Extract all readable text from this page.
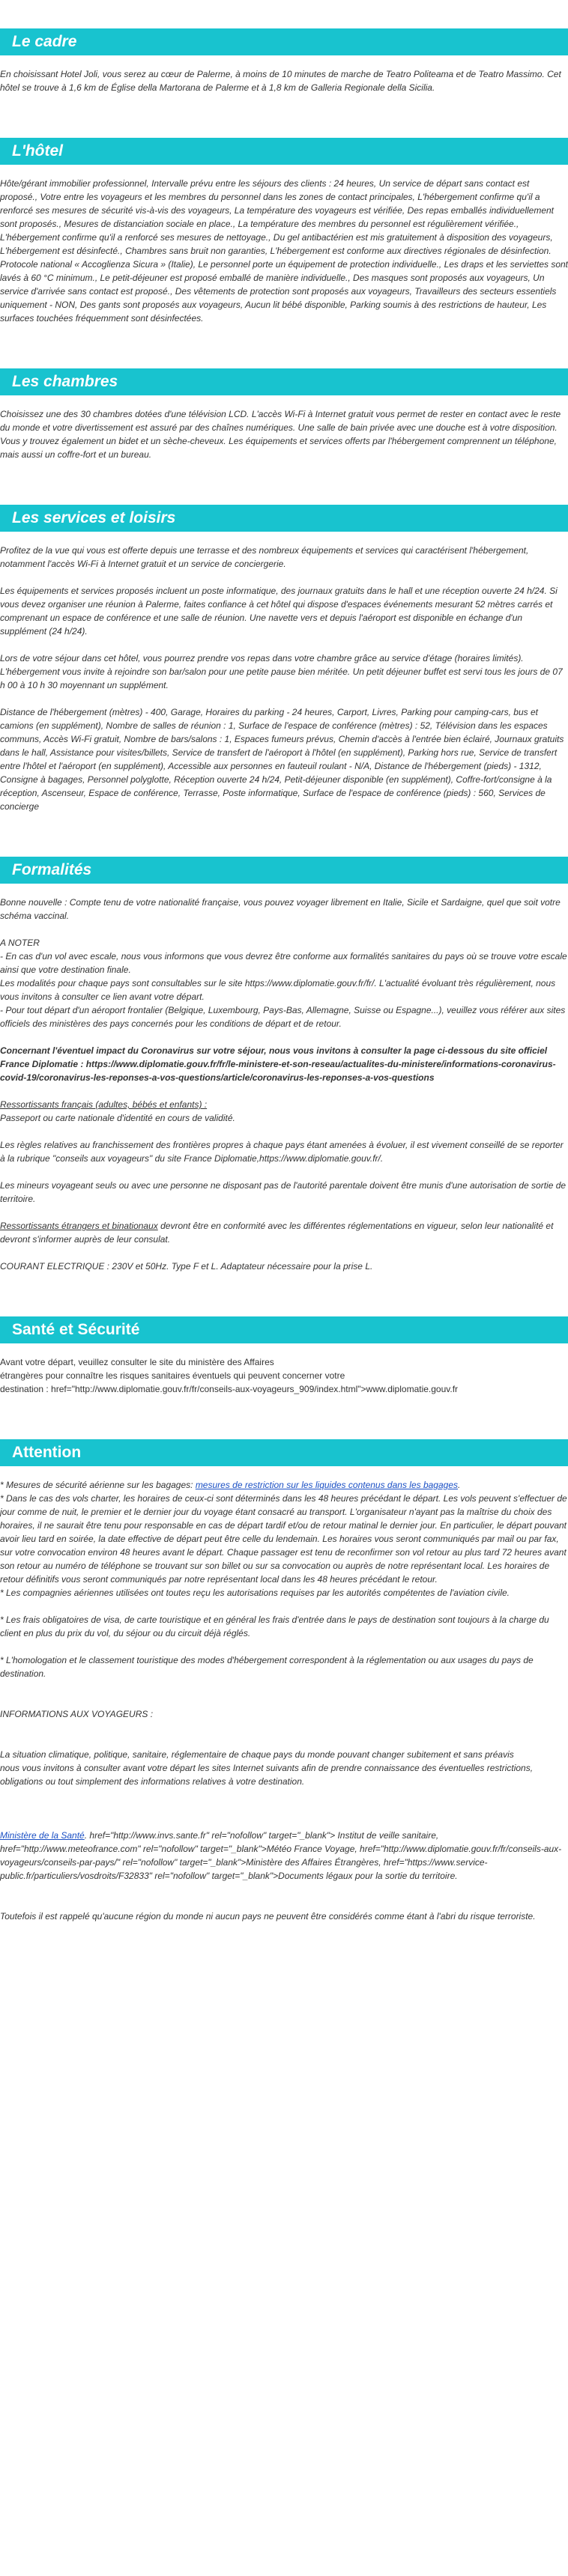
Le cadre

En choisissant Hotel Joli, vous serez au cœur de Palerme, à moins de 10 minutes de marche de Teatro Politeama et de Teatro Massimo. Cet hôtel se trouve à 1,6 km de Église della Martorana de Palerme et à 1,8 km de Galleria Regionale della Sicilia.

L'hôtel

Hôte/gérant immobilier professionnel, Intervalle prévu entre les séjours des clients : 24 heures, Un service de départ sans contact est proposé., Votre entre les voyageurs et les membres du personnel dans les zones de contact principales, L'hébergement confirme qu'il a renforcé ses mesures de sécurité vis-à-vis des voyageurs, La température des voyageurs est vérifiée, Des repas emballés individuellement sont proposés., Mesures de distanciation sociale en place., La température des membres du personnel est régulièrement vérifiée., L'hébergement confirme qu'il a renforcé ses mesures de nettoyage., Du gel antibactérien est mis gratuitement à disposition des voyageurs, L'hébergement est désinfecté., Chambres sans bruit non garanties, L'hébergement est conforme aux directives régionales de désinfection. Protocole national « Accoglienza Sicura » (Italie), Le personnel porte un équipement de protection individuelle., Les draps et les serviettes sont lavés à 60 °C minimum., Le petit-déjeuner est proposé emballé de manière individuelle., Des masques sont proposés aux voyageurs, Un service d'arrivée sans contact est proposé., Des vêtements de protection sont proposés aux voyageurs, Travailleurs des secteurs essentiels uniquement - NON, Des gants sont proposés aux voyageurs, Aucun lit bébé disponible, Parking soumis à des restrictions de hauteur, Les surfaces touchées fréquemment sont désinfectées.

Les chambres

Choisissez une des 30 chambres dotées d'une télévision LCD. L'accès Wi-Fi à Internet gratuit vous permet de rester en contact avec le reste du monde et votre divertissement est assuré par des chaînes numériques. Une salle de bain privée avec une douche est à votre disposition. Vous y trouvez également un bidet et un sèche-cheveux. Les équipements et services offerts par l'hébergement comprennent un téléphone, mais aussi un coffre-fort et un bureau.

Les services et loisirs

Profitez de la vue qui vous est offerte depuis une terrasse et des nombreux équipements et services qui caractérisent l'hébergement, notamment l'accès Wi-Fi à Internet gratuit et un service de conciergerie.

Les équipements et services proposés incluent un poste informatique, des journaux gratuits dans le hall et une réception ouverte 24 h/24. Si vous devez organiser une réunion à Palerme, faites confiance à cet hôtel qui dispose d'espaces événements mesurant 52 mètres carrés et comprenant un espace de conférence et une salle de réunion. Une navette vers et depuis l'aéroport est disponible en échange d'un supplément (24 h/24).

Lors de votre séjour dans cet hôtel, vous pourrez prendre vos repas dans votre chambre grâce au service d'étage (horaires limités). L'hébergement vous invite à rejoindre son bar/salon pour une petite pause bien méritée. Un petit déjeuner buffet est servi tous les jours de 07 h 00 à 10 h 30 moyennant un supplément.

Distance de l'hébergement (mètres) - 400, Garage, Horaires du parking - 24 heures, Carport, Livres, Parking pour camping-cars, bus et camions (en supplément), Nombre de salles de réunion : 1, Surface de l'espace de conférence (mètres) : 52, Télévision dans les espaces communs, Accès Wi-Fi gratuit, Nombre de bars/salons : 1, Espaces fumeurs prévus, Chemin d'accès à l'entrée bien éclairé, Journaux gratuits dans le hall, Assistance pour visites/billets, Service de transfert de l'aéroport à l'hôtel (en supplément), Parking hors rue, Service de transfert entre l'hôtel et l'aéroport (en supplément), Accessible aux personnes en fauteuil roulant - N/A, Distance de l'hébergement (pieds) - 1312, Consigne à bagages, Personnel polyglotte, Réception ouverte 24 h/24, Petit-déjeuner disponible (en supplément), Coffre-fort/consigne à la réception, Ascenseur, Espace de conférence, Terrasse, Poste informatique, Surface de l'espace de conférence (pieds) : 560, Services de concierge

Formalités

Bonne nouvelle : Compte tenu de votre nationalité française, vous pouvez voyager librement en Italie, Sicile et Sardaigne, quel que soit votre schéma vaccinal.

A NOTER

- En cas d'un vol avec escale, nous vous informons que vous devrez être conforme aux formalités sanitaires du pays où se trouve votre escale ainsi que votre destination finale.

Les modalités pour chaque pays sont consultables sur le site https://www.diplomatie.gouv.fr/fr/. L'actualité évoluant très régulièrement, nous vous invitons à consulter ce lien avant votre départ.

- Pour tout départ d'un aéroport frontalier (Belgique, Luxembourg, Pays-Bas, Allemagne, Suisse ou Espagne...), veuillez vous référer aux sites officiels des ministères des pays concernés pour les conditions de départ et de retour.

Concernant l'éventuel impact du Coronavirus sur votre séjour, nous vous invitons à consulter la page ci-dessous du site officiel France Diplomatie : https://www.diplomatie.gouv.fr/fr/le-ministere-et-son-reseau/actualites-du-ministere/informations-coronavirus-covid-19/coronavirus-les-reponses-a-vos-questions/article/coronavirus-les-reponses-a-vos-questions

Ressortissants français (adultes, bébés et enfants) :

Passeport ou carte nationale d'identité en cours de validité.

Les règles relatives au franchissement des frontières propres à chaque pays étant amenées à évoluer, il est vivement conseillé de se reporter à la rubrique "conseils aux voyageurs" du site France Diplomatie,https://www.diplomatie.gouv.fr/.

Les mineurs voyageant seuls ou avec une personne ne disposant pas de l'autorité parentale doivent être munis d'une autorisation de sortie de territoire.

Ressortissants étrangers et binationaux devront être en conformité avec les différentes réglementations en vigueur, selon leur nationalité et devront s'informer auprès de leur consulat.

COURANT ELECTRIQUE : 230V et 50Hz. Type F et L. Adaptateur nécessaire pour la prise L.

Santé et Sécurité

Avant votre départ, veuillez consulter le site du ministère des Affaires

étrangères pour connaître les risques sanitaires éventuels qui peuvent concerner votre

destination : href="http://www.diplomatie.gouv.fr/fr/conseils-aux-voyageurs_909/index.html">www.diplomatie.gouv.fr

Attention

* Mesures de sécurité aérienne sur les bagages: mesures de restriction sur les liquides contenus dans les bagages.

* Dans le cas des vols charter, les horaires de ceux-ci sont déterminés dans les 48 heures précédant le départ. Les vols peuvent s'effectuer de jour comme de nuit, le premier et le dernier jour du voyage étant consacré au transport. L'organisateur n'ayant pas la maîtrise du choix des horaires, il ne saurait être tenu pour responsable en cas de départ tardif et/ou de retour matinal le dernier jour. En particulier, le départ pouvant avoir lieu tard en soirée, la date effective de départ peut être celle du lendemain. Les horaires vous seront communiqués par mail ou par fax, sur votre convocation environ 48 heures avant le départ. Chaque passager est tenu de reconfirmer son vol retour au plus tard 72 heures avant son retour au numéro de téléphone se trouvant sur son billet ou sur sa convocation ou auprès de notre représentant local. Les horaires de retour définitifs vous seront communiqués par notre représentant local dans les 48 heures précédant le retour.

* Les compagnies aériennes utilisées ont toutes reçu les autorisations requises par les autorités compétentes de l'aviation civile.

* Les frais obligatoires de visa, de carte touristique et en général les frais d'entrée dans le pays de destination sont toujours à la charge du client en plus du prix du vol, du séjour ou du circuit déjà réglés.

* L'homologation et le classement touristique des modes d'hébergement correspondent à la réglementation ou aux usages du pays de destination.

INFORMATIONS AUX VOYAGEURS :

La situation climatique, politique, sanitaire, réglementaire de chaque pays du monde pouvant changer subitement et sans préavis

nous vous invitons à consulter avant votre départ les sites Internet suivants afin de prendre connaissance des éventuelles restrictions, obligations ou tout simplement des informations relatives à votre destination.

Ministère de la Santé. href="http://www.invs.sante.fr" rel="nofollow" target="_blank"> Institut de veille sanitaire, href="http://www.meteofrance.com" rel="nofollow" target="_blank">Météo France Voyage, href="http://www.diplomatie.gouv.fr/fr/conseils-aux-voyageurs/conseils-par-pays/" rel="nofollow" target="_blank">Ministère des Affaires Étrangères, href="https://www.service-public.fr/particuliers/vosdroits/F32833" rel="nofollow" target="_blank">Documents légaux pour la sortie du territoire.

Toutefois il est rappelé qu'aucune région du monde ni aucun pays ne peuvent être considérés comme étant à l'abri du risque terroriste.
